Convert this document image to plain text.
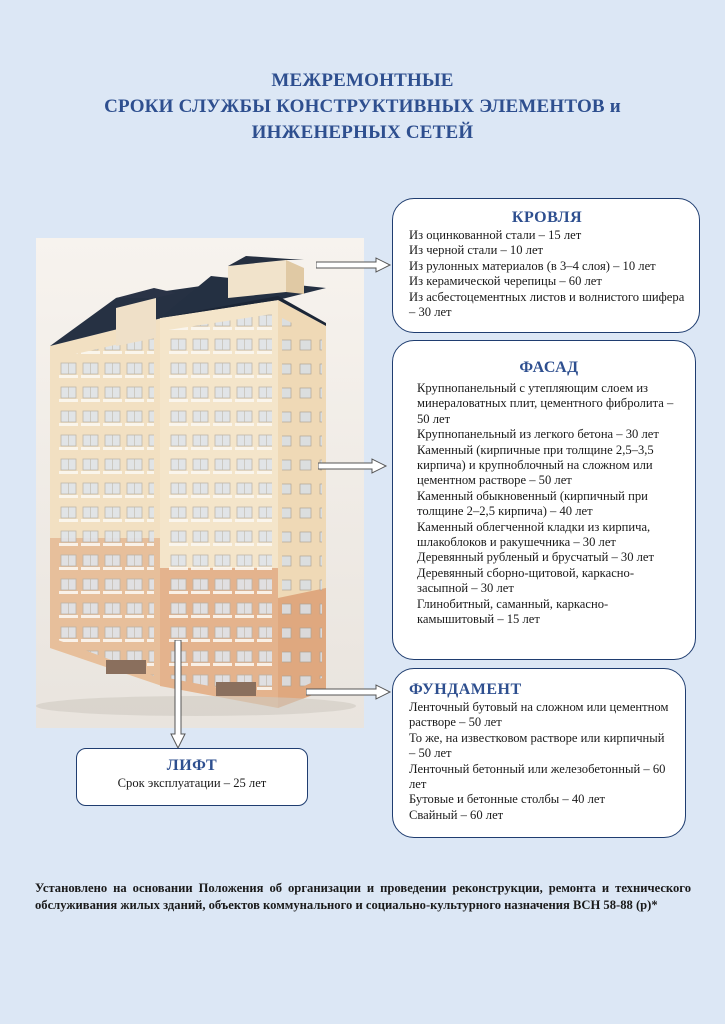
МЕЖРЕМОНТНЫЕ
СРОКИ СЛУЖБЫ КОНСТРУКТИВНЫХ ЭЛЕМЕНТОВ и
ИНЖЕНЕРНЫХ СЕТЕЙ
КРОВЛЯ
Из оцинкованной стали – 15 лет
Из черной стали – 10 лет
Из рулонных материалов (в 3–4 слоя) – 10 лет
Из керамической черепицы – 60 лет
Из асбестоцементных листов и волнистого шифера – 30 лет
ФАСАД
Крупнопанельный с утепляющим слоем из минераловатных плит, цементного фибролита – 50 лет
Крупнопанельный из легкого бетона – 30 лет
Каменный (кирпичные при толщине 2,5–3,5 кирпича) и крупноблочный на сложном или цементном растворе – 50 лет
Каменный обыкновенный (кирпичный при толщине 2–2,5 кирпича) – 40 лет
Каменный облегченной кладки из кирпича, шлакоблоков и ракушечника – 30 лет
Деревянный рубленый и брусчатый – 30 лет
Деревянный сборно-щитовой, каркасно-засыпной – 30 лет
Глинобитный, саманный, каркасно-камышитовый – 15 лет
ФУНДАМЕНТ
Ленточный бутовый на сложном или цементном растворе – 50 лет
То же, на известковом растворе или кирпичный – 50 лет
Ленточный бетонный или железобетонный – 60 лет
Бутовые и бетонные столбы – 40 лет
Свайный – 60 лет
ЛИФТ
Срок эксплуатации – 25 лет
Установлено на основании Положения об организации и проведении реконструкции, ремонта и технического обслуживания жилых зданий, объектов коммунального и социально-культурного назначения ВСН 58-88 (р)*
